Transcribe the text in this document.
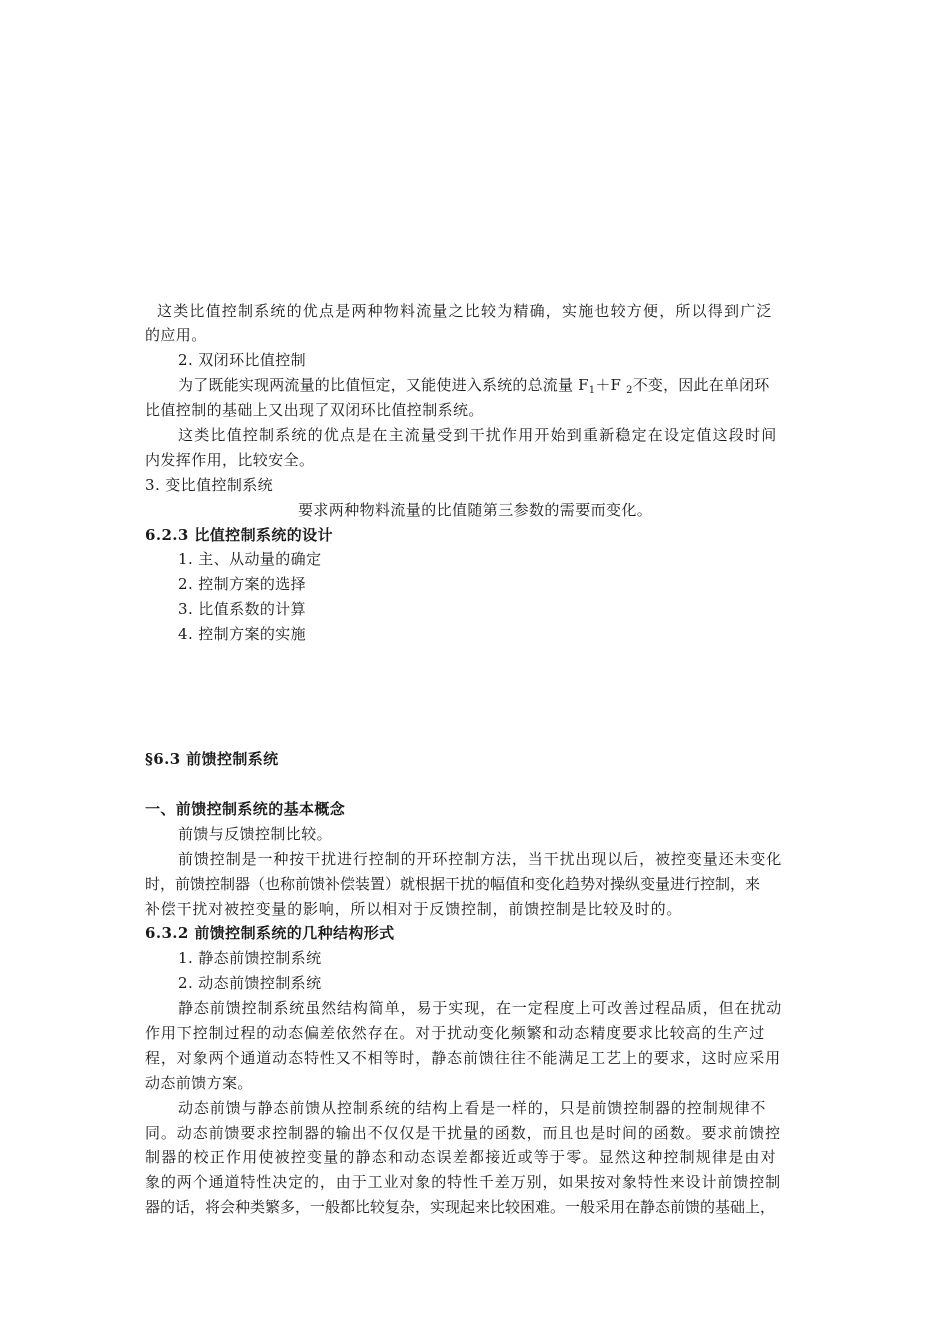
这类比值控制系统的优点是两种物料流量之比较为精确，实施也较方便，所以得到广泛
的应用。
2. 双闭环比值控制
为了既能实现两流量的比值恒定，又能使进入系统的总流量 $F_1+F$ $_2$不变，因此在单闭环
比值控制的基础上又出现了双闭环比值控制系统。
这类比值控制系统的优点是在主流量受到干扰作用开始到重新稳定在设定值这段时间
内发挥作用，比较安全。
3. 变比值控制系统
要求两种物料流量的比值随第三参数的需要而变化。
6.2.3 比值控制系统的设计
1. 主、从动量的确定
2. 控制方案的选择
3. 比值系数的计算
4. 控制方案的实施
§6.3 前馈控制系统
一、前馈控制系统的基本概念
前馈与反馈控制比较。
前馈控制是一种按干扰进行控制的开环控制方法，当干扰出现以后，被控变量还未变化
时，前馈控制器（也称前馈补偿装置）就根据干扰的幅值和变化趋势对操纵变量进行控制，来
补偿干扰对被控变量的影响，所以相对于反馈控制，前馈控制是比较及时的。
6.3.2 前馈控制系统的几种结构形式
1. 静态前馈控制系统
2. 动态前馈控制系统
静态前馈控制系统虽然结构简单，易于实现，在一定程度上可改善过程品质，但在扰动
作用下控制过程的动态偏差依然存在。对于扰动变化频繁和动态精度要求比较高的生产过
程，对象两个通道动态特性又不相等时，静态前馈往往不能满足工艺上的要求，这时应采用
动态前馈方案。
动态前馈与静态前馈从控制系统的结构上看是一样的，只是前馈控制器的控制规律不
同。动态前馈要求控制器的输出不仅仅是干扰量的函数，而且也是时间的函数。要求前馈控
制器的校正作用使被控变量的静态和动态误差都接近或等于零。显然这种控制规律是由对
象的两个通道特性决定的，由于工业对象的特性千差万别，如果按对象特性来设计前馈控制
器的话，将会种类繁多，一般都比较复杂，实现起来比较困难。一般采用在静态前馈的基础上，
